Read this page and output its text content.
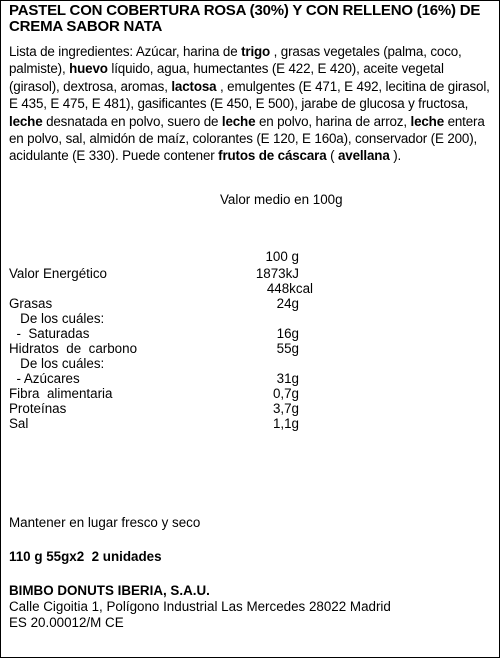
PASTEL CON COBERTURA ROSA (30%) Y CON RELLENO (16%) DE CREMA SABOR NATA
Lista de ingredientes: Azúcar, harina de trigo , grasas vegetales (palma, coco, palmiste), huevo líquido, agua, humectantes (E 422, E 420), aceite vegetal (girasol), dextrosa, aromas, lactosa , emulgentes (E 471, E 492, lecitina de girasol, E 435, E 475, E 481), gasificantes (E 450, E 500), jarabe de glucosa y fructosa, leche desnatada en polvo, suero de leche en polvo, harina de arroz, leche entera en polvo, sal, almidón de maíz, colorantes (E 120, E 160a), conservador (E 200), acidulante (E 330). Puede contener frutos de cáscara ( avellana ).
Valor medio en 100g
100 g
Valor Energético	1873kJ
448kcal
Grasas	24g
De los cuáles:
-  Saturadas	16g
Hidratos  de  carbono	55g
De los cuáles:
- Azúcares	31g
Fibra  alimentaria	0,7g
Proteínas	3,7g
Sal	1,1g
Mantener en lugar fresco y seco
110 g 55gx2  2 unidades
BIMBO DONUTS IBERIA, S.A.U.
Calle Cigoitia 1, Polígono Industrial Las Mercedes 28022 Madrid
ES 20.00012/M CE
